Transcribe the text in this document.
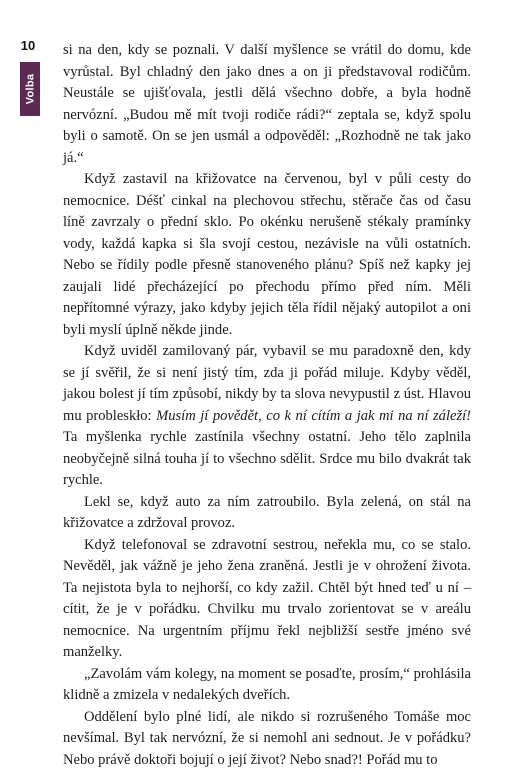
10
Volba

si na den, kdy se poznali. V další myšlence se vrátil do domu, kde vyrůstal. Byl chladný den jako dnes a on ji představoval rodičům. Neustále se ujišťovala, jestli dělá všechno dobře, a byla hodně nervózní. „Budou mě mít tvoji rodiče rádi?“ zeptala se, když spolu byli o samotě. On se jen usmál a odpověděl: „Rozhodně ne tak jako já.“

Když zastavil na křižovatce na červenou, byl v půli cesty do nemocnice. Déšť cinkal na plechovou střechu, stěrače čas od času líně zavrzaly o přední sklo. Po okénku nerušeně stékaly pramínky vody, každá kapka si šla svojí cestou, nezávisle na vůli ostatních. Nebo se řídily podle přesně stanoveného plánu? Spíš než kapky jej zaujali lidé přecházející po přechodu přímo před ním. Měli nepřítomné výrazy, jako kdyby jejich těla řídil nějaký autopilot a oni byli myslí úplně někde jinde.

Když uviděl zamilovaný pár, vybavil se mu paradoxně den, kdy se jí svěřil, že si není jistý tím, zda ji pořád miluje. Kdyby věděl, jakou bolest jí tím způsobí, nikdy by ta slova nevypustil z úst. Hlavou mu probleskło: Musím jí povědět, co k ní cítím a jak mi na ní záleží! Ta myšlenka rychle zastínila všechny ostatní. Jeho tělo zaplnila neobyčejně silná touha jí to všechno sdělit. Srdce mu bilo dvakrát tak rychle.

Lekl se, když auto za ním zatroubilo. Byla zelená, on stál na křižovatce a zdržoval provoz.

Když telefonoval se zdravotní sestrou, neřekla mu, co se stalo. Nevěděl, jak vážně je jeho žena zraněná. Jestli je v ohrožení života. Ta nejistota byla to nejhorší, co kdy zažil. Chtěl být hned teď u ní – cítit, že je v pořádku. Chvilku mu trvalo zorientovat se v areálu nemocnice. Na urgentním příjmu řekl nejbližší sestře jméno své manželky.

„Zavolám vám kolegy, na moment se posaďte, prosím,“ prohlásila klidně a zmizela v nedalekých dveřích.

Oddělení bylo plné lidí, ale nikdo si rozrušeného Tomáše moc nevšímal. Byl tak nervózní, že si nemohl ani sednout. Je v pořádku? Nebo právě doktoři bojují o její život? Nebo snad?! Pořád mu to
